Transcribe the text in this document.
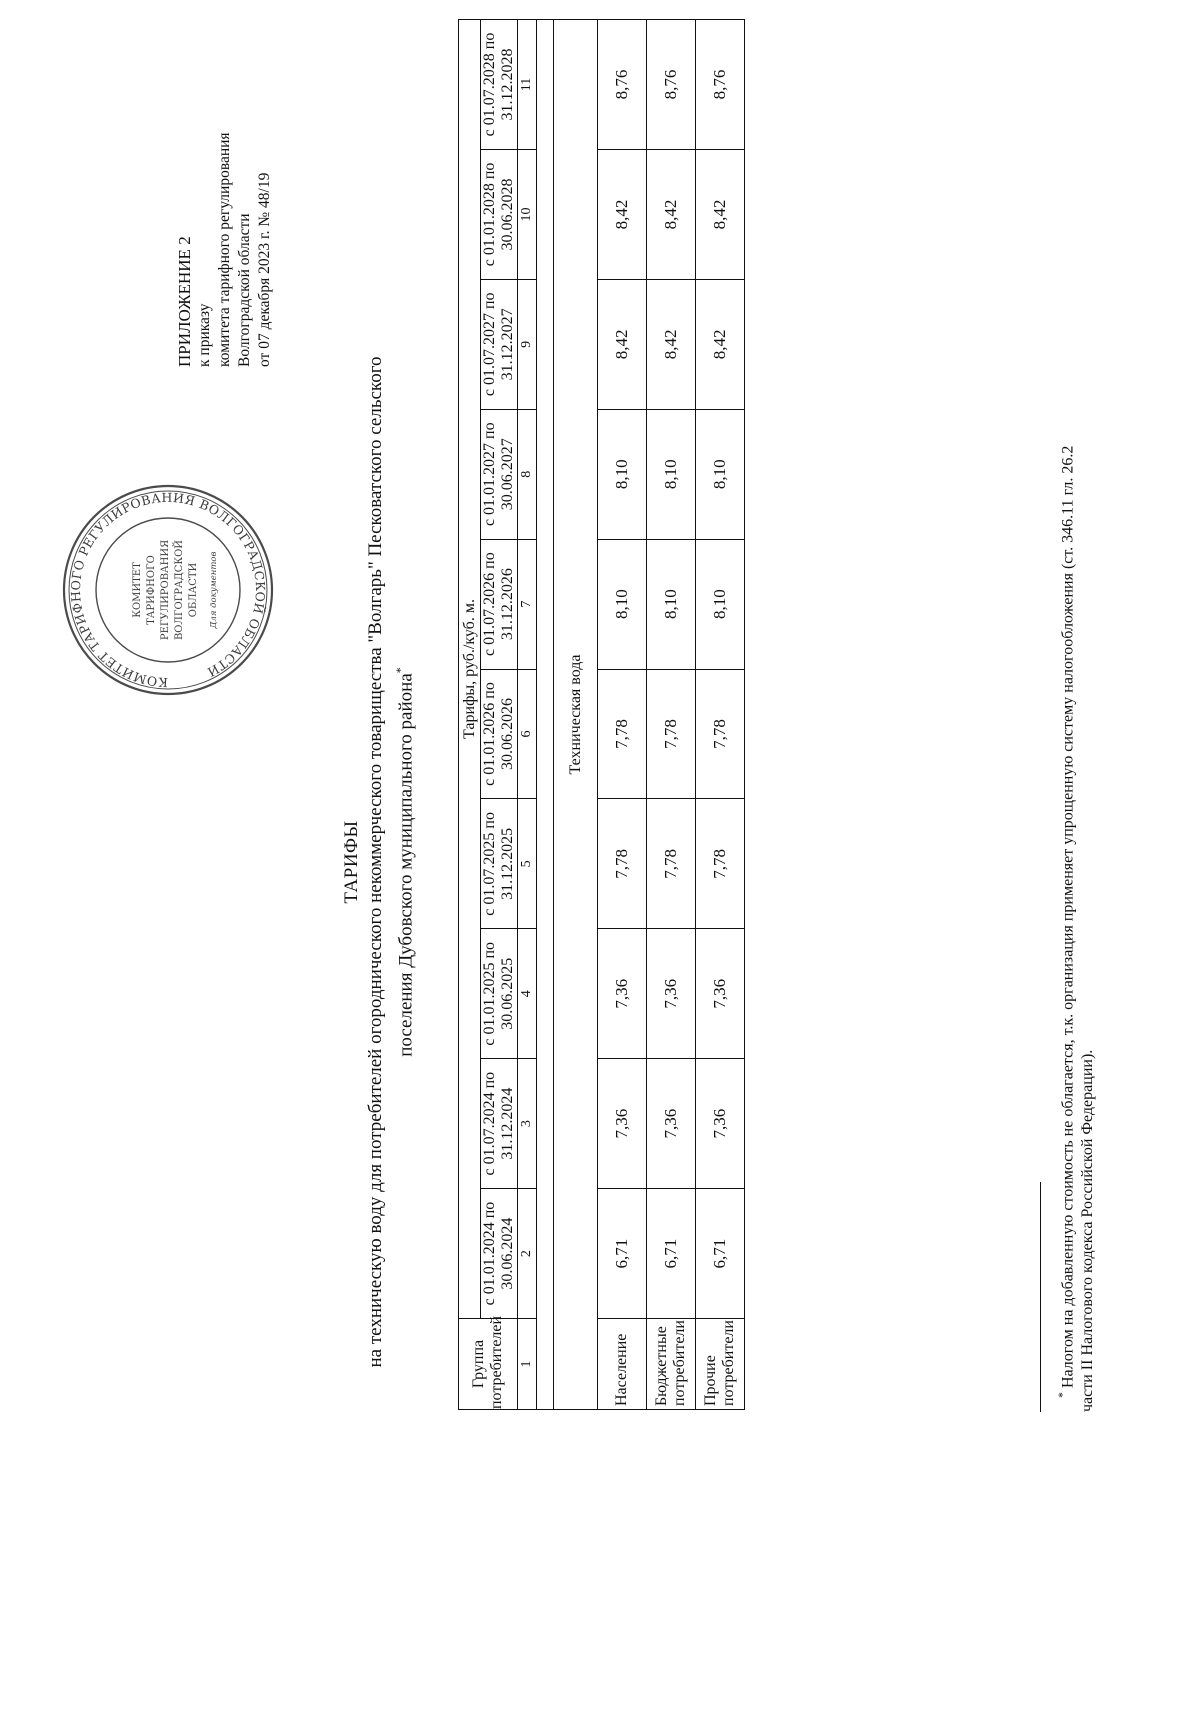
ПРИЛОЖЕНИЕ 2 к приказу комитета тарифного регулирования Волгоградской области от 07 декабря 2023 г. № 48/19
КОМИТЕТ ТАРИФНОГО РЕГУЛИРОВАНИЯ ВОЛГОГРАДСКОЙ ОБЛАСТИ
КОМИТЕТ ТАРИФНОГО РЕГУЛИРОВАНИЯ ВОЛГОГРАДСКОЙ ОБЛАСТИ Для документов
ТАРИФЫ на техническую воду для потребителей огороднического некоммерческого товарищества "Волгарь" Песковатского сельского поселения Дубовского муниципального района*
Группа потребителей	Тарифы, руб./куб. м.									
	с 01.01.2024 по 30.06.2024	с 01.07.2024 по 31.12.2024	с 01.01.2025 по 30.06.2025	с 01.07.2025 по 31.12.2025	с 01.01.2026 по 30.06.2026	с 01.07.2026 по 31.12.2026	с 01.01.2027 по 30.06.2027	с 01.07.2027 по 31.12.2027	с 01.01.2028 по 30.06.2028	с 01.07.2028 по 31.12.2028
1	2	3	4	5	6	7	8	9	10	11

Техническая вода										
Население	6,71	7,36	7,36	7,78	7,78	8,10	8,10	8,42	8,42	8,76
Бюджетные потребители	6,71	7,36	7,36	7,78	7,78	8,10	8,10	8,42	8,42	8,76
Прочие потребители	6,71	7,36	7,36	7,78	7,78	8,10	8,10	8,42	8,42	8,76
* Налогом на добавленную стоимость не облагается, т.к. организация применяет упрощенную систему налогообложения (ст. 346.11 гл. 26.2 части II Налогового кодекса Российской Федерации).
